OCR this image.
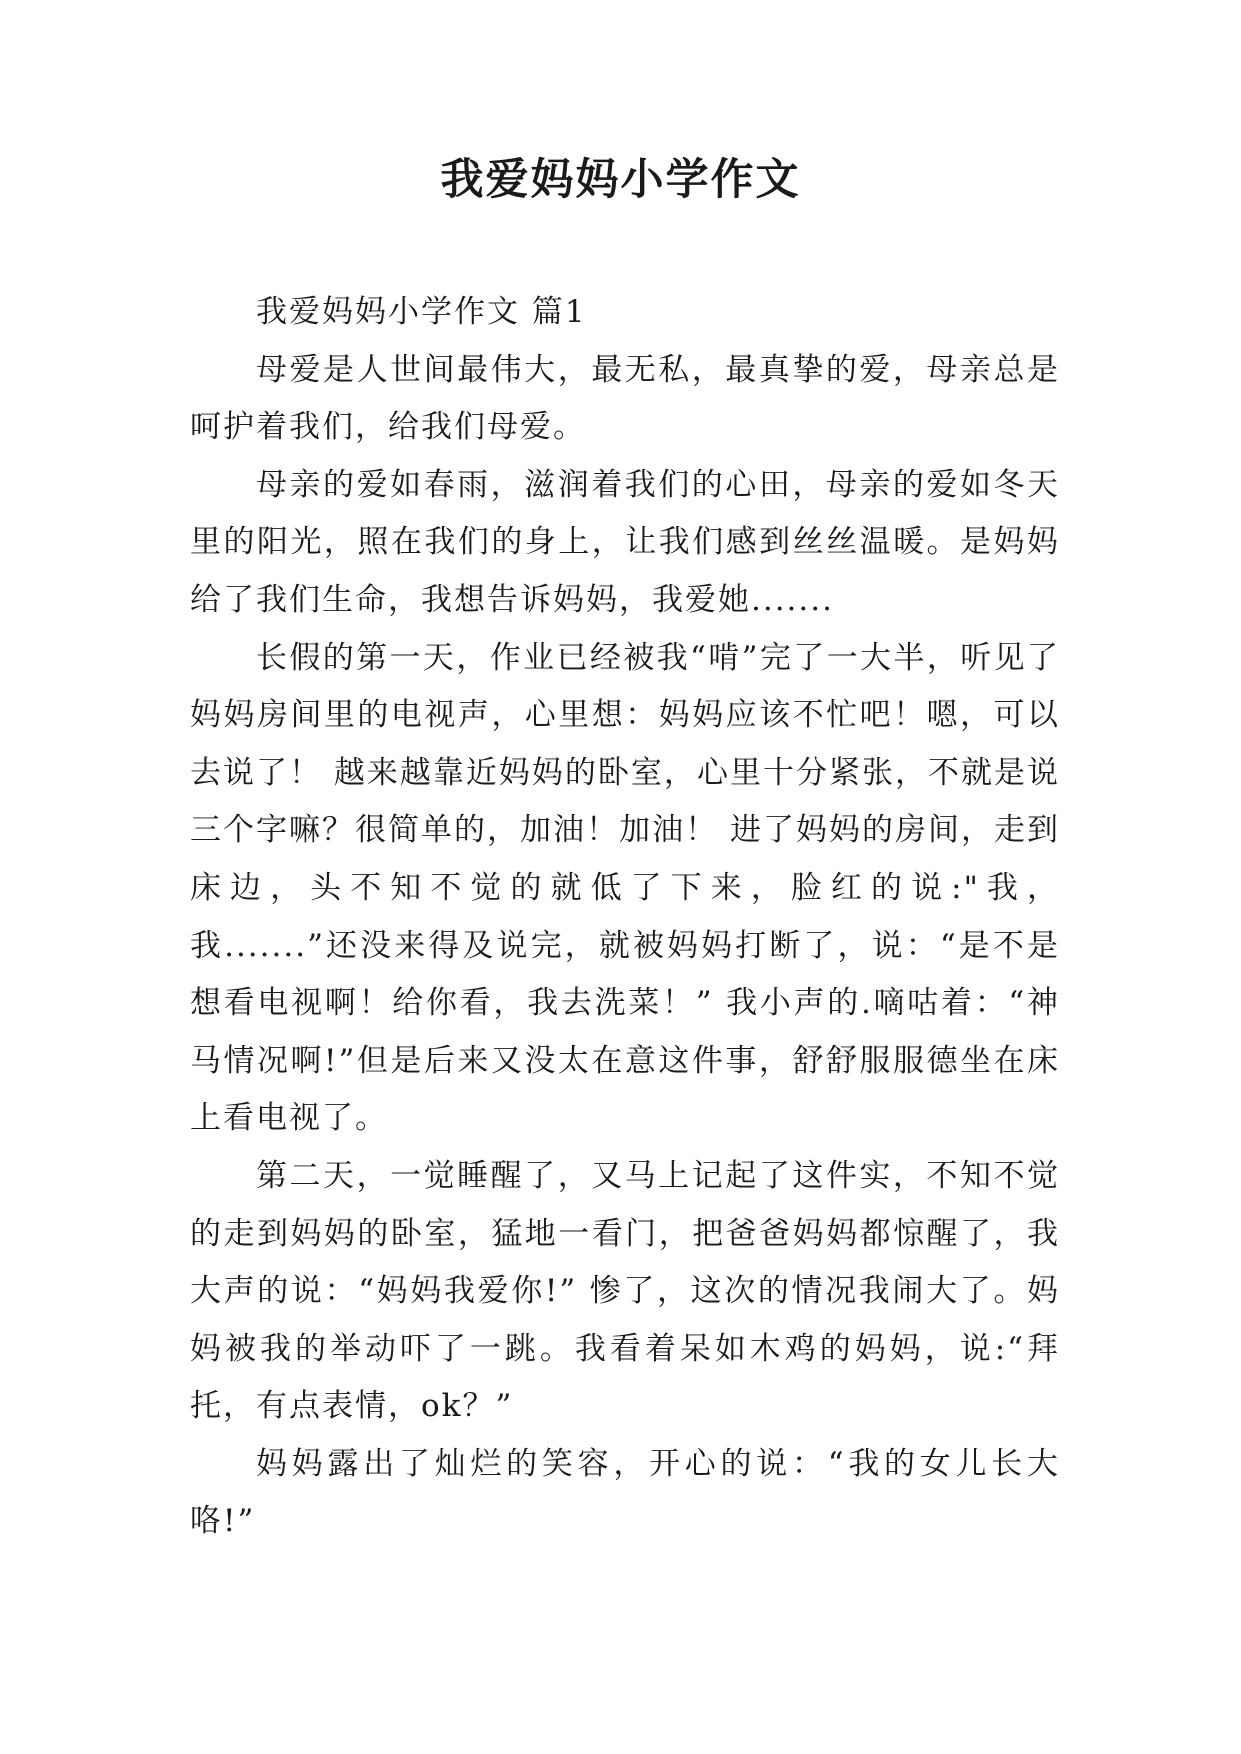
我爱妈妈小学作文

我爱妈妈小学作文 篇1

母爱是人世间最伟大，最无私，最真挚的爱，母亲总是呵护着我们，给我们母爱。

母亲的爱如春雨，滋润着我们的心田，母亲的爱如冬天里的阳光，照在我们的身上，让我们感到丝丝温暖。是妈妈给了我们生命，我想告诉妈妈，我爱她.......

长假的第一天，作业已经被我“啃”完了一大半，听见了妈妈房间里的电视声，心里想：妈妈应该不忙吧！嗯，可以去说了！ 越来越靠近妈妈的卧室，心里十分紧张，不就是说三个字嘛？很简单的，加油！加油！ 进了妈妈的房间，走到床边，头不知不觉的就低了下来，脸红的说:"我，我.......”还没来得及说完，就被妈妈打断了，说：“是不是想看电视啊！给你看，我去洗菜！” 我小声的.嘀咕着：“神马情况啊!”但是后来又没太在意这件事，舒舒服服德坐在床上看电视了。

第二天，一觉睡醒了，又马上记起了这件实，不知不觉的走到妈妈的卧室，猛地一看门，把爸爸妈妈都惊醒了，我大声的说：“妈妈我爱你!” 惨了，这次的情况我闹大了。妈妈被我的举动吓了一跳。我看着呆如木鸡的妈妈，说:“拜托，有点表情，ok？”

妈妈露出了灿烂的笑容，开心的说：“我的女儿长大咯!”
